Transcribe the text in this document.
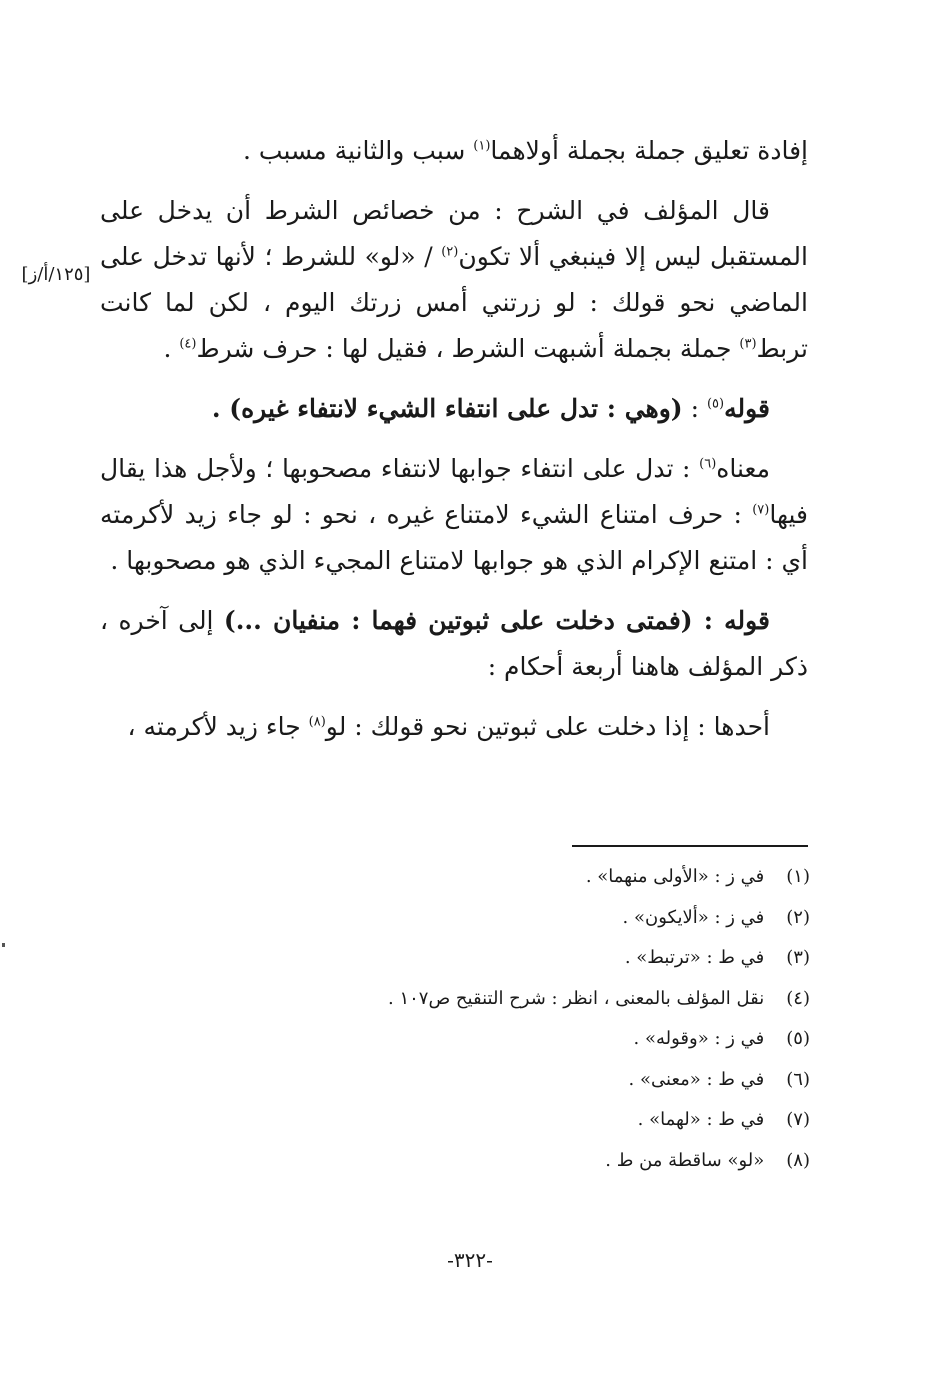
[١٢٥/أ/ز]

إفادة تعليق جملة بجملة أولاهما$^{(١)}$ سبب والثانية مسبب .

قال المؤلف في الشرح : من خصائص الشرط أن يدخل على المستقبل ليس إلا فينبغي ألا تكون$^{(٢)}$ / «لو» للشرط ؛ لأنها تدخل على الماضي نحو قولك : لو زرتني أمس زرتك اليوم ، لكن لما كانت تربط$^{(٣)}$ جملة بجملة أشبهت الشرط ، فقيل لها : حرف شرط$^{(٤)}$ .

قوله$^{(٥)}$ : (وهي : تدل على انتفاء الشيء لانتفاء غيره) .

معناه$^{(٦)}$ : تدل على انتفاء جوابها لانتفاء مصحوبها ؛ ولأجل هذا يقال فيها$^{(٧)}$ : حرف امتناع الشيء لامتناع غيره ، نحو : لو جاء زيد لأكرمته أي : امتنع الإكرام الذي هو جوابها لامتناع المجيء الذي هو مصحوبها .

قوله : (فمتى دخلت على ثبوتين فهما : منفيان ...) إلى آخره ، ذكر المؤلف هاهنا أربعة أحكام :

أحدها : إذا دخلت على ثبوتين نحو قولك : لو$^{(٨)}$ جاء زيد لأكرمته ،

(١) في ز : «الأولى منهما» .
(٢) في ز : «ألايكون» .
(٣) في ط : «ترتبط» .
(٤) نقل المؤلف بالمعنى ، انظر : شرح التنقيح ص١٠٧ .
(٥) في ز : «وقوله» .
(٦) في ط : «معنى» .
(٧) في ط : «لهما» .
(٨) «لو» ساقطة من ط .
-٣٢٢-
